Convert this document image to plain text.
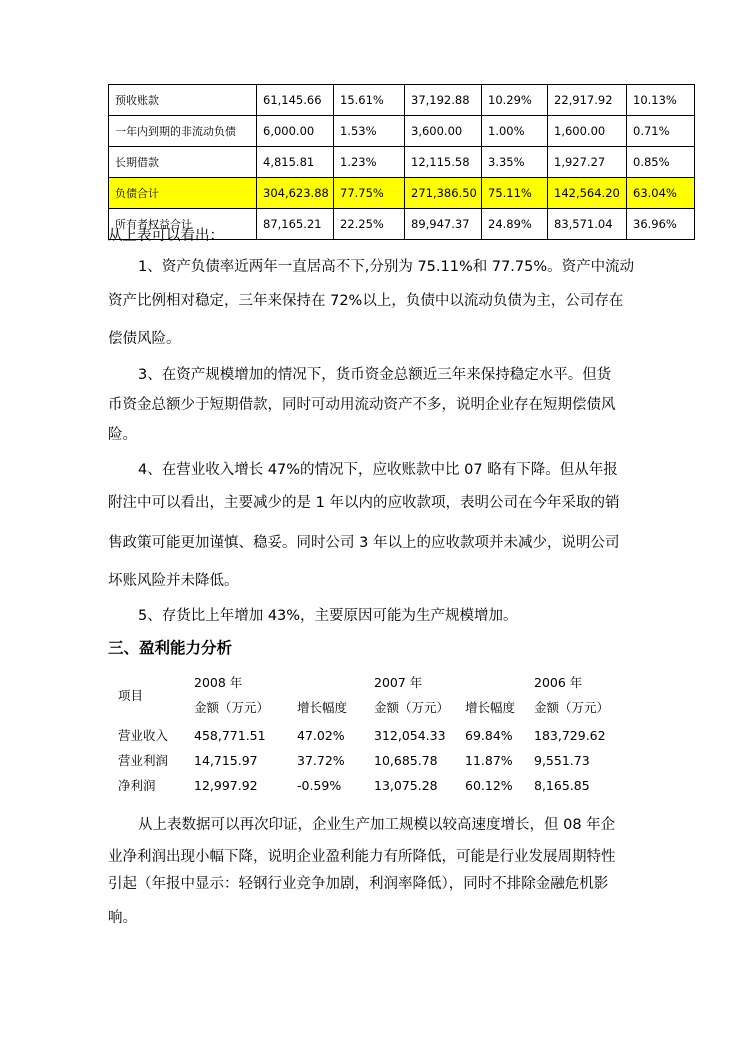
预收账款	61,145.66	15.61%	37,192.88	10.29%	22,917.92	10.13%
一年内到期的非流动负债	6,000.00	1.53%	3,600.00	1.00%	1,600.00	0.71%
长期借款	4,815.81	1.23%	12,115.58	3.35%	1,927.27	0.85%
负债合计	304,623.88	77.75%	271,386.50	75.11%	142,564.20	63.04%
所有者权益合计	87,165.21	22.25%	89,947.37	24.89%	83,571.04	36.96%

从上表可以看出：

1、资产负债率近两年一直居高不下,分别为 75.11%和 77.75%。资产中流动

资产比例相对稳定，三年来保持在 72%以上，负债中以流动负债为主，公司存在

偿债风险。

3、在资产规模增加的情况下，货币资金总额近三年来保持稳定水平。但货

币资金总额少于短期借款，同时可动用流动资产不多，说明企业存在短期偿债风

险。

4、在营业收入增长 47%的情况下，应收账款中比 07 略有下降。但从年报

附注中可以看出，主要减少的是 1 年以内的应收款项，表明公司在今年采取的销

售政策可能更加谨慎、稳妥。同时公司 3 年以上的应收款项并未减少，说明公司

坏账风险并未降低。

5、存货比上年增加 43%，主要原因可能为生产规模增加。

三、盈利能力分析
项目
2008 年	2007 年	2006 年
金额（万元） 增长幅度 金额（万元） 增长幅度 金额（万元）
营业收入 458,771.51	47.02% 312,054.33 69.84% 183,729.62
营业利润 14,715.97	37.72% 10,685.78 11.87% 9,551.73
净利润	12,997.92	-0.59%	13,075.28 60.12% 8,165.85

从上表数据可以再次印证，企业生产加工规模以较高速度增长，但 08 年企

业净利润出现小幅下降，说明企业盈利能力有所降低，可能是行业发展周期特性

引起（年报中显示：轻钢行业竞争加剧，利润率降低），同时不排除金融危机影

响。
